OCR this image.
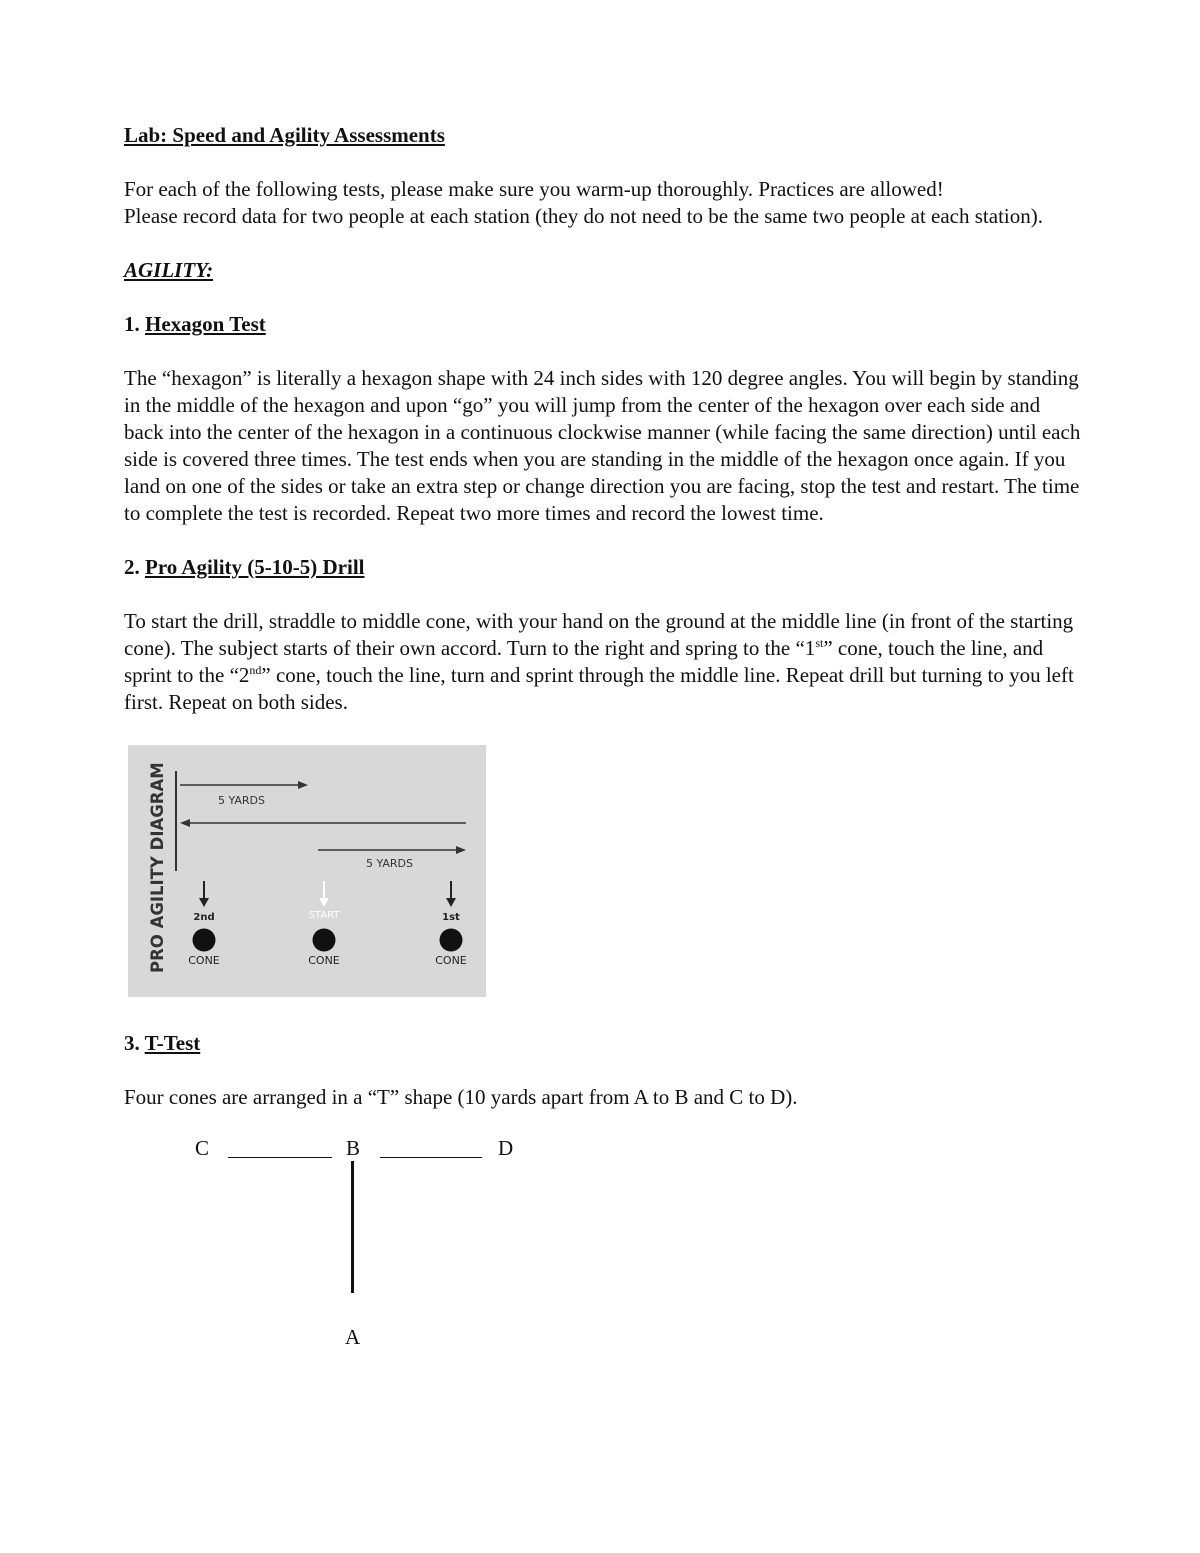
Lab: Speed and Agility Assessments

For each of the following tests, please make sure you warm-up thoroughly. Practices are allowed!

Please record data for two people at each station (they do not need to be the same two people at each station).

AGILITY:

1. Hexagon Test

The “hexagon” is literally a hexagon shape with 24 inch sides with 120 degree angles. You will begin by standing in the middle of the hexagon and upon “go” you will jump from the center of the hexagon over each side and back into the center of the hexagon in a continuous clockwise manner (while facing the same direction) until each side is covered three times. The test ends when you are standing in the middle of the hexagon once again. If you land on one of the sides or take an extra step or change direction you are facing, stop the test and restart. The time to complete the test is recorded. Repeat two more times and record the lowest time.

2. Pro Agility (5-10-5) Drill

To start the drill, straddle to middle cone, with your hand on the ground at the middle line (in front of the starting cone). The subject starts of their own accord. Turn to the right and spring to the “1st” cone, touch the line, and sprint to the “2nd” cone, touch the line, turn and sprint through the middle line. Repeat drill but turning to you left first. Repeat on both sides.

PRO AGILITY DIAGRAM	5 YARDS
5 YARDS
2nd
CONE
START
CONE
1st
CONE

3. T-Test

Four cones are arranged in a “T” shape (10 yards apart from A to B and C to D).

C	B	D
A
